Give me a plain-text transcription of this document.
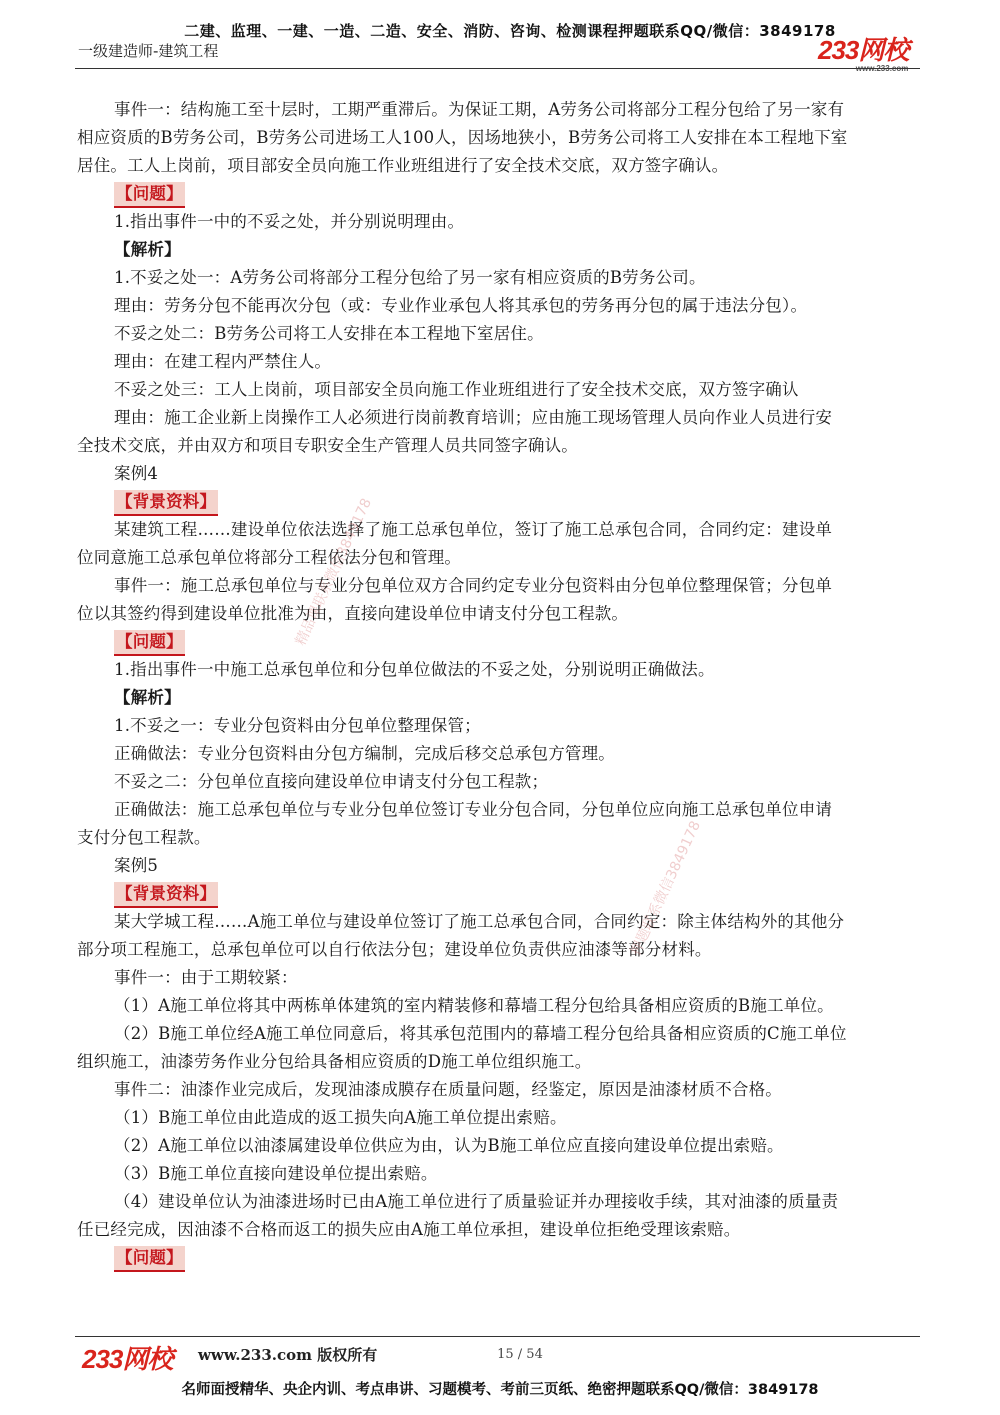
二建、监理、一建、一造、二造、安全、消防、咨询、检测课程押题联系QQ/微信：3849178
一级建造师-建筑工程	233网校
www.233.com
事件一：结构施工至十层时，工期严重滞后。为保证工期，A劳务公司将部分工程分包给了另一家有
相应资质的B劳务公司，B劳务公司进场工人100人，因场地狭小，B劳务公司将工人安排在本工程地下室
居住。工人上岗前，项目部安全员向施工作业班组进行了安全技术交底，双方签字确认。
【问题】
1.指出事件一中的不妥之处，并分别说明理由。
【解析】
1.不妥之处一：A劳务公司将部分工程分包给了另一家有相应资质的B劳务公司。
理由：劳务分包不能再次分包（或：专业作业承包人将其承包的劳务再分包的属于违法分包）。
不妥之处二：B劳务公司将工人安排在本工程地下室居住。
理由：在建工程内严禁住人。
不妥之处三：工人上岗前，项目部安全员向施工作业班组进行了安全技术交底，双方签字确认
理由：施工企业新上岗操作工人必须进行岗前教育培训；应由施工现场管理人员向作业人员进行安
全技术交底，并由双方和项目专职安全生产管理人员共同签字确认。
案例4
【背景资料】
某建筑工程……建设单位依法选择了施工总承包单位，签订了施工总承包合同，合同约定：建设单
位同意施工总承包单位将部分工程依法分包和管理。
事件一：施工总承包单位与专业分包单位双方合同约定专业分包资料由分包单位整理保管；分包单
位以其签约得到建设单位批准为由，直接向建设单位申请支付分包工程款。
【问题】
1.指出事件一中施工总承包单位和分包单位做法的不妥之处，分别说明正确做法。
【解析】
1.不妥之一：专业分包资料由分包单位整理保管；
正确做法：专业分包资料由分包方编制，完成后移交总承包方管理。
不妥之二：分包单位直接向建设单位申请支付分包工程款；
正确做法：施工总承包单位与专业分包单位签订专业分包合同，分包单位应向施工总承包单位申请
支付分包工程款。
案例5
【背景资料】
某大学城工程……A施工单位与建设单位签订了施工总承包合同，合同约定：除主体结构外的其他分
部分项工程施工，总承包单位可以自行依法分包；建设单位负责供应油漆等部分材料。
事件一：由于工期较紧：
（1）A施工单位将其中两栋单体建筑的室内精装修和幕墙工程分包给具备相应资质的B施工单位。
（2）B施工单位经A施工单位同意后，将其承包范围内的幕墙工程分包给具备相应资质的C施工单位
组织施工，油漆劳务作业分包给具备相应资质的D施工单位组织施工。
事件二：油漆作业完成后，发现油漆成膜存在质量问题，经鉴定，原因是油漆材质不合格。
（1）B施工单位由此造成的返工损失向A施工单位提出索赔。
（2）A施工单位以油漆属建设单位供应为由，认为B施工单位应直接向建设单位提出索赔。
（3）B施工单位直接向建设单位提出索赔。
（4）建设单位认为油漆进场时已由A施工单位进行了质量验证并办理接收手续，其对油漆的质量责
任已经完成，因油漆不合格而返工的损失应由A施工单位承担，建设单位拒绝受理该索赔。
【问题】
精品课联系微信3849178
押题联系微信3849178
233网校 www.233.com 版权所有	15 / 54
名师面授精华、央企内训、考点串讲、习题模考、考前三页纸、绝密押题联系QQ/微信：3849178
